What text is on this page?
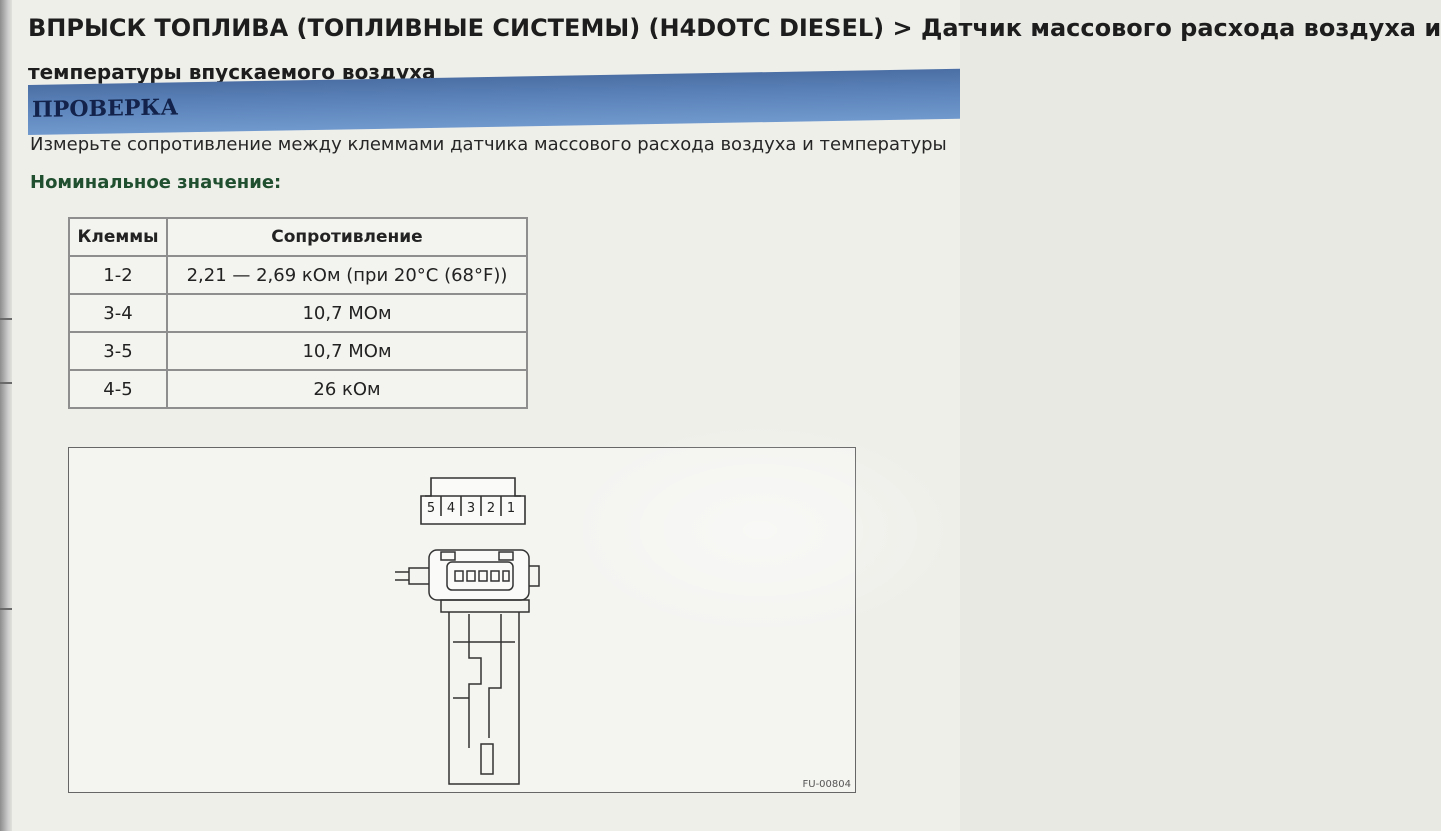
ВПРЫСК ТОПЛИВА (ТОПЛИВНЫЕ СИСТЕМЫ) (H4DOTC DIESEL) > Датчик массового расхода воздуха и
температуры впускаемого воздуха
ПРОВЕРКА
Измерьте сопротивление между клеммами датчика массового расхода воздуха и температуры
Номинальное значение:
Клеммы	Сопротивление
1-2	2,21 — 2,69 кОм (при 20°C (68°F))
3-4	10,7 МОм
3-5	10,7 МОм
4-5	26 кОм
5 4 3 2 1
FU-00804
